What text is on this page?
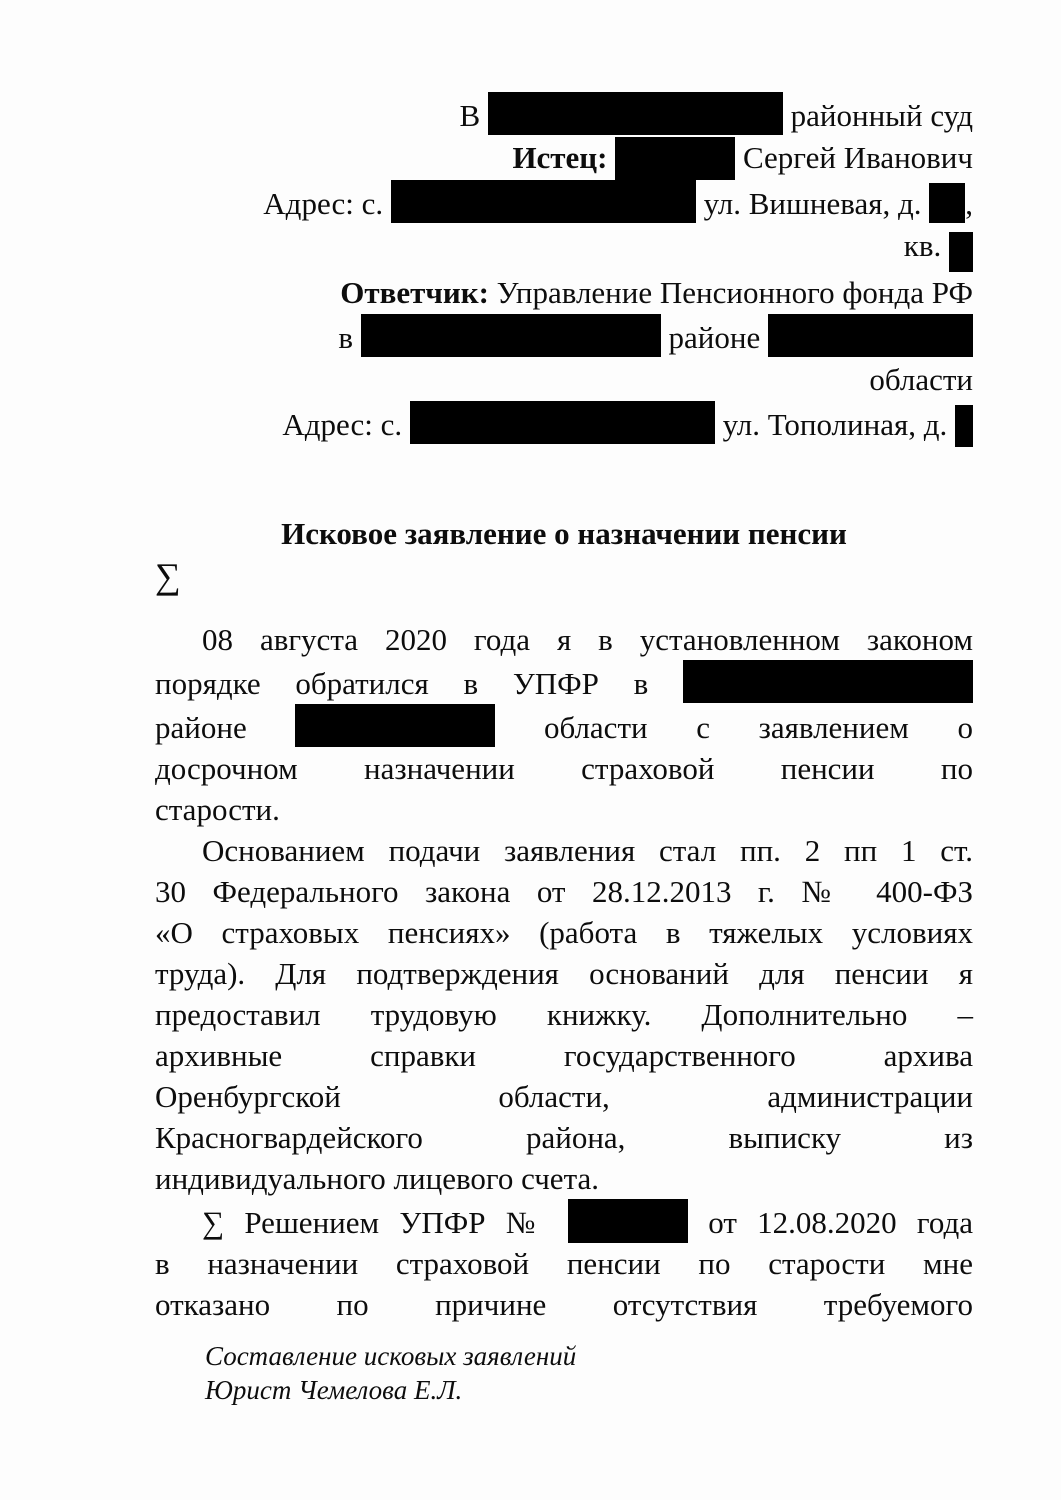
В	районный суд
Истец:	Сергей Иванович
Адрес: с.	ул. Вишневая, д. ,
кв.
Ответчик: Управление Пенсионного фонда РФ
в	районе
области
Адрес: с.	ул. Тополиная, д.
Исковое заявление о назначении пенсии
∑
08 августа 2020 года я в установленном законом
порядке обратился в УПФР в
районе	области с заявлением о
досрочном назначении страховой пенсии по
старости.
Основанием подачи заявления стал пп. 2 пп 1 ст.
30 Федерального закона от 28.12.2013 г. № 400-ФЗ
«О страховых пенсиях» (работа в тяжелых условиях
труда). Для подтверждения оснований для пенсии я
предоставил трудовую книжку. Дополнительно –
архивные справки государственного архива
Оренбургской области, администрации
Красногвардейского района, выписку из
индивидуального лицевого счета.
∑ Решением УПФР №	от 12.08.2020 года
в назначении страховой пенсии по старости мне
отказано по причине отсутствия требуемого
Составление исковых заявлений
Юрист Чемелова Е.Л.
